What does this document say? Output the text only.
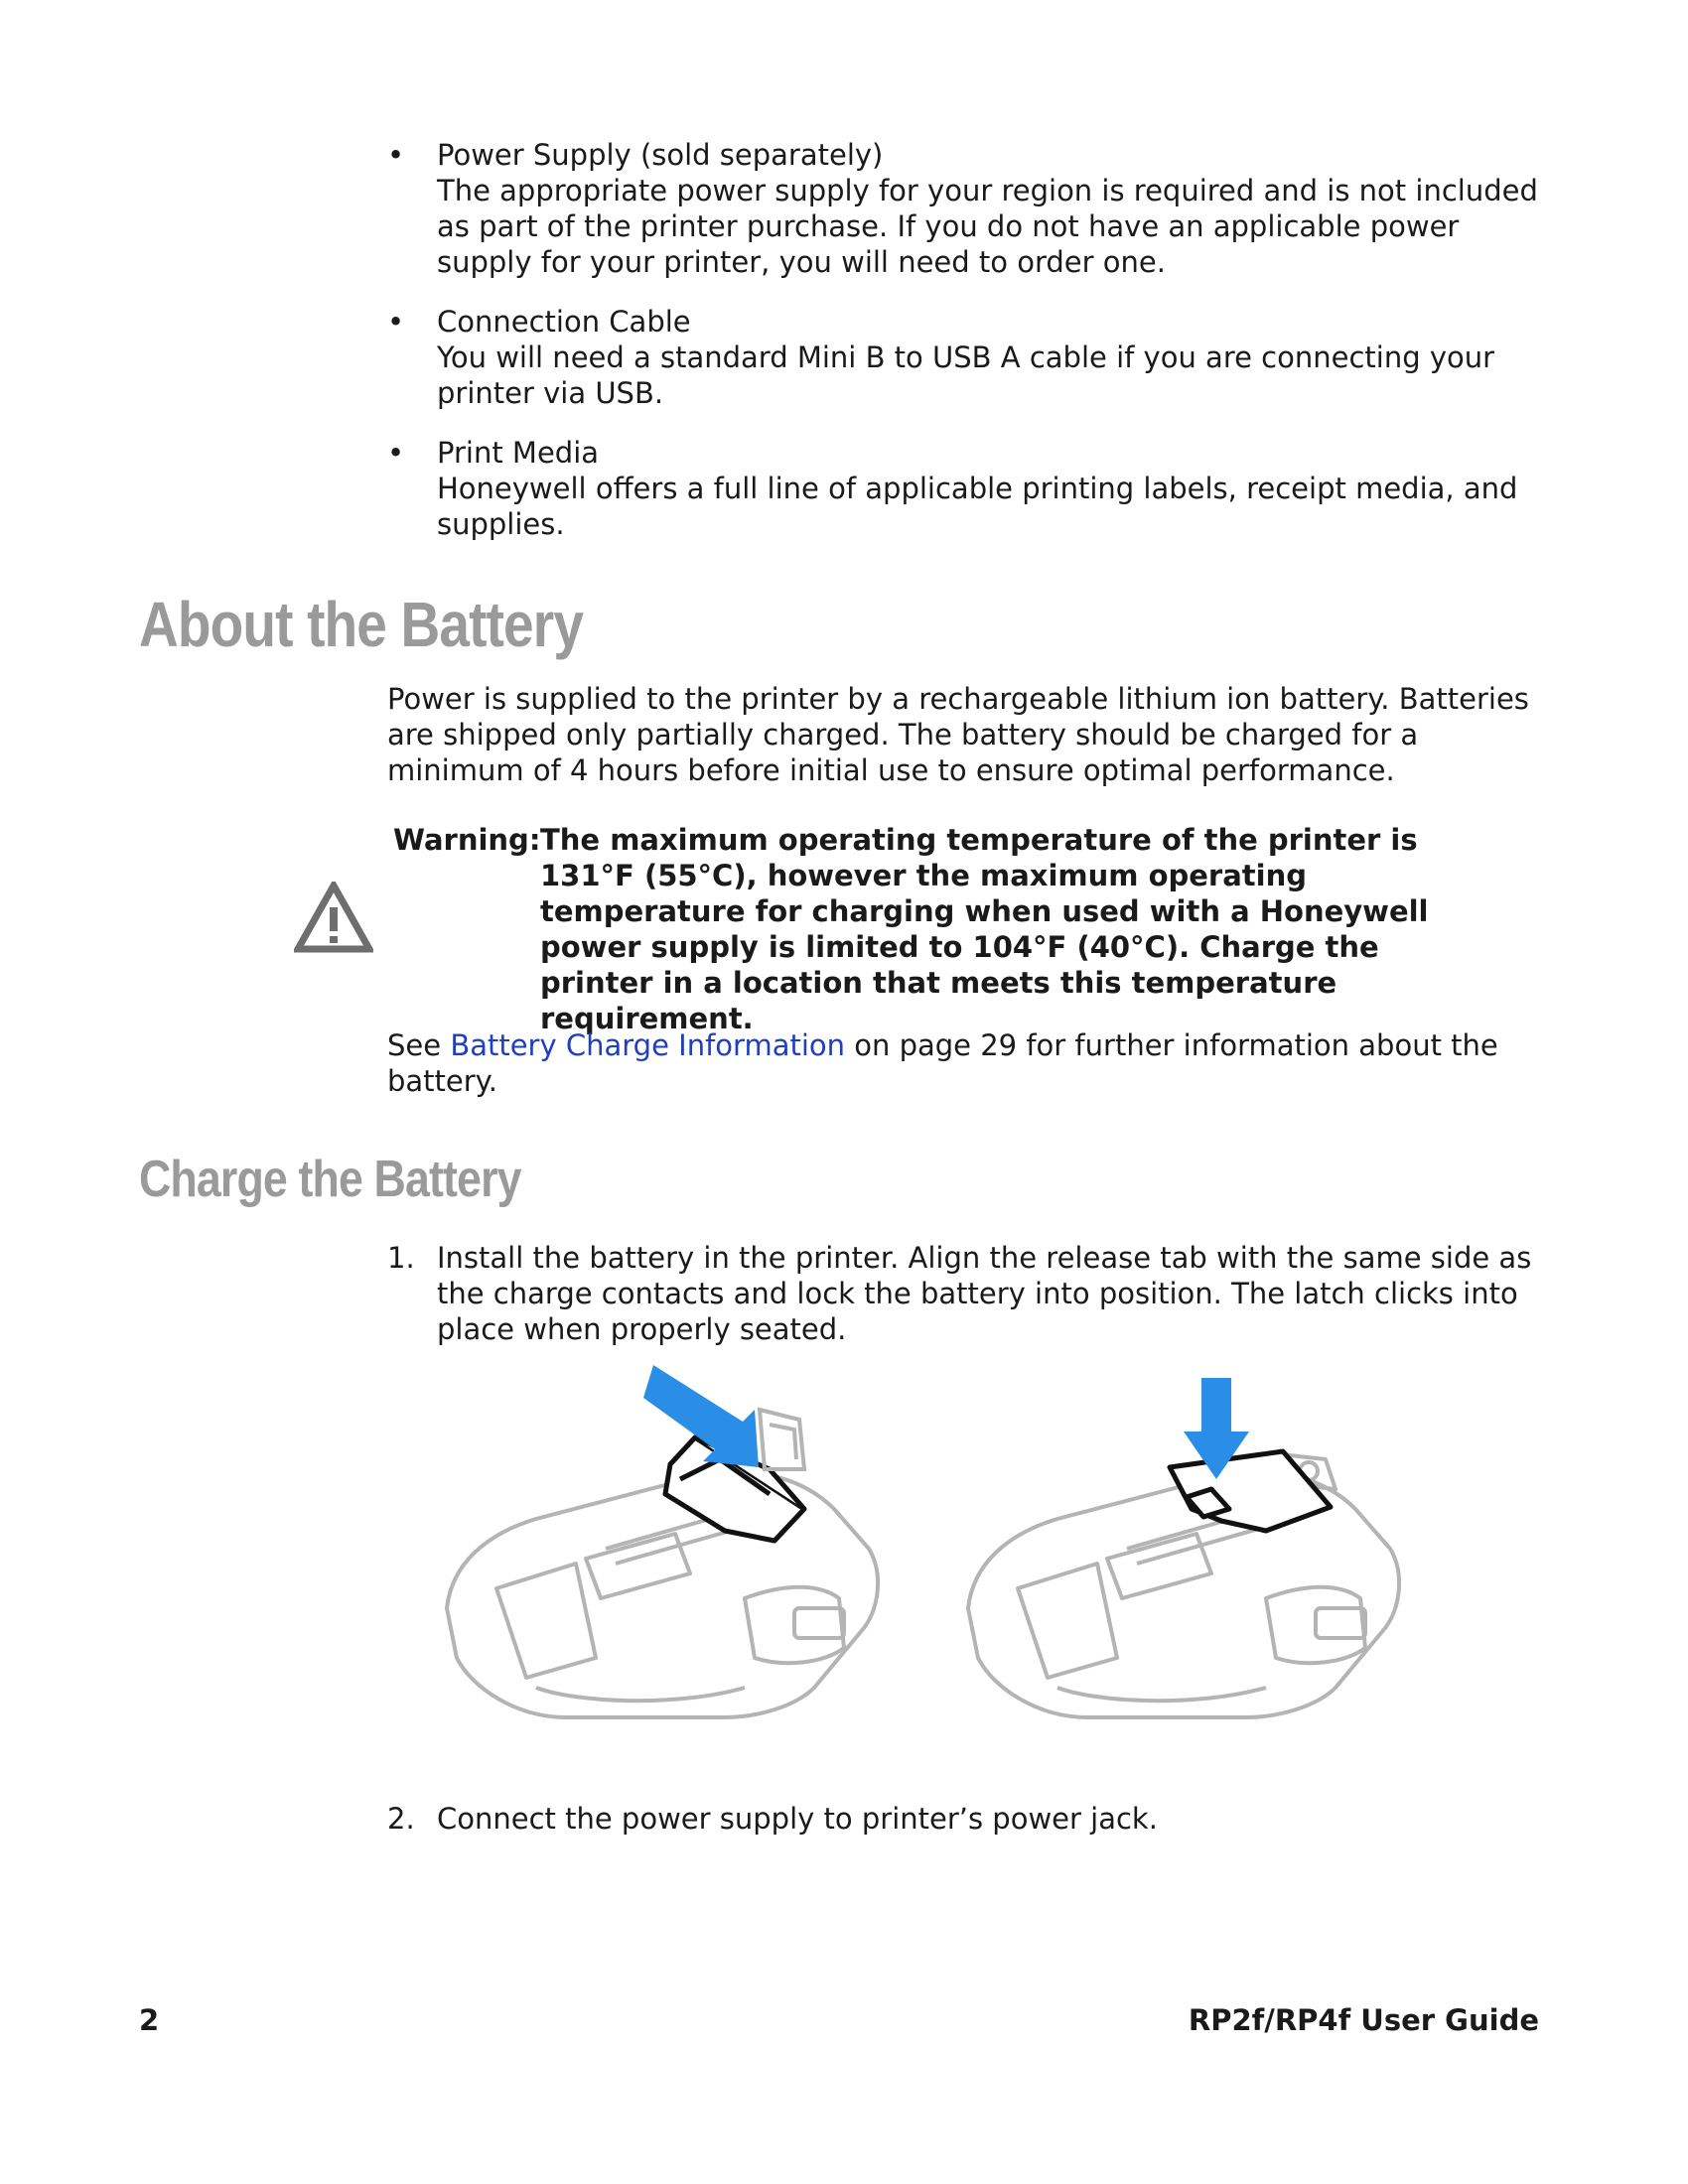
• Power Supply (sold separately)
The appropriate power supply for your region is required and is not included as part of the printer purchase. If you do not have an applicable power supply for your printer, you will need to order one.
• Connection Cable
You will need a standard Mini B to USB A cable if you are connecting your printer via USB.
• Print Media
Honeywell offers a full line of applicable printing labels, receipt media, and supplies.
About the Battery

Power is supplied to the printer by a rechargeable lithium ion battery. Batteries are shipped only partially charged. The battery should be charged for a minimum of 4 hours before initial use to ensure optimal performance.

Warning: The maximum operating temperature of the printer is 131°F (55°C), however the maximum operating temperature for charging when used with a Honeywell power supply is limited to 104°F (40°C). Charge the printer in a location that meets this temperature requirement.

See Battery Charge Information on page 29 for further information about the battery.

Charge the Battery
1. Install the battery in the printer. Align the release tab with the same side as the charge contacts and lock the battery into position. The latch clicks into place when properly seated.
2. Connect the power supply to printer’s power jack.
2	RP2f/RP4f User Guide
